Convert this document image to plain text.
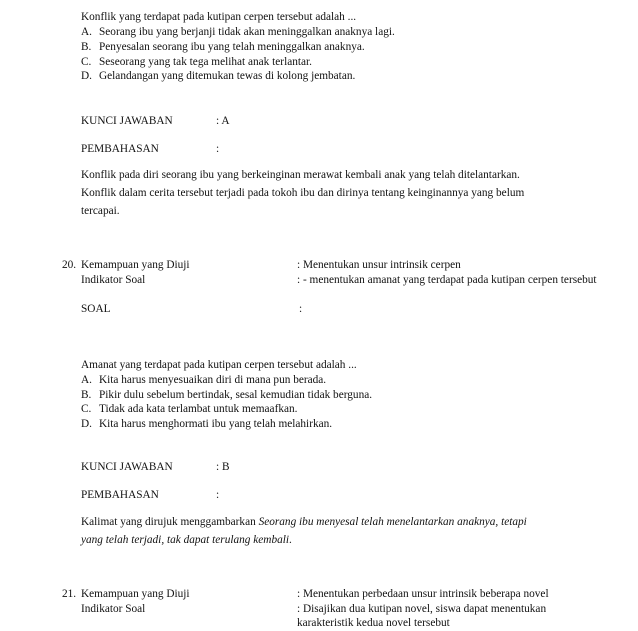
Konflik yang terdapat pada kutipan cerpen tersebut adalah ...
A. Seorang ibu yang berjanji tidak akan meninggalkan anaknya lagi.
B. Penyesalan seorang ibu yang telah meninggalkan anaknya.
C. Seseorang yang tak tega melihat anak terlantar.
D. Gelandangan yang ditemukan tewas di kolong jembatan.
KUNCI JAWABAN	: A
PEMBAHASAN	:
Konflik pada diri seorang ibu yang berkeinginan merawat kembali anak yang telah ditelantarkan.
Konflik dalam cerita tersebut terjadi pada tokoh ibu dan dirinya tentang keinginannya yang belum
tercapai.
20. Kemampuan yang Diuji	: Menentukan unsur intrinsik cerpen
Indikator Soal	: - menentukan amanat yang terdapat pada kutipan cerpen tersebut
SOAL	:
Amanat yang terdapat pada kutipan cerpen tersebut adalah ...
A. Kita harus menyesuaikan diri di mana pun berada.
B. Pikir dulu sebelum bertindak, sesal kemudian tidak berguna.
C. Tidak ada kata terlambat untuk memaafkan.
D. Kita harus menghormati ibu yang telah melahirkan.
KUNCI JAWABAN	: B
PEMBAHASAN	:
Kalimat yang dirujuk menggambarkan Seorang ibu menyesal telah menelantarkan anaknya, tetapi
yang telah terjadi, tak dapat terulang kembali.
21. Kemampuan yang Diuji	: Menentukan perbedaan unsur intrinsik beberapa novel
Indikator Soal	: Disajikan dua kutipan novel, siswa dapat menentukan
karakteristik kedua novel tersebut
